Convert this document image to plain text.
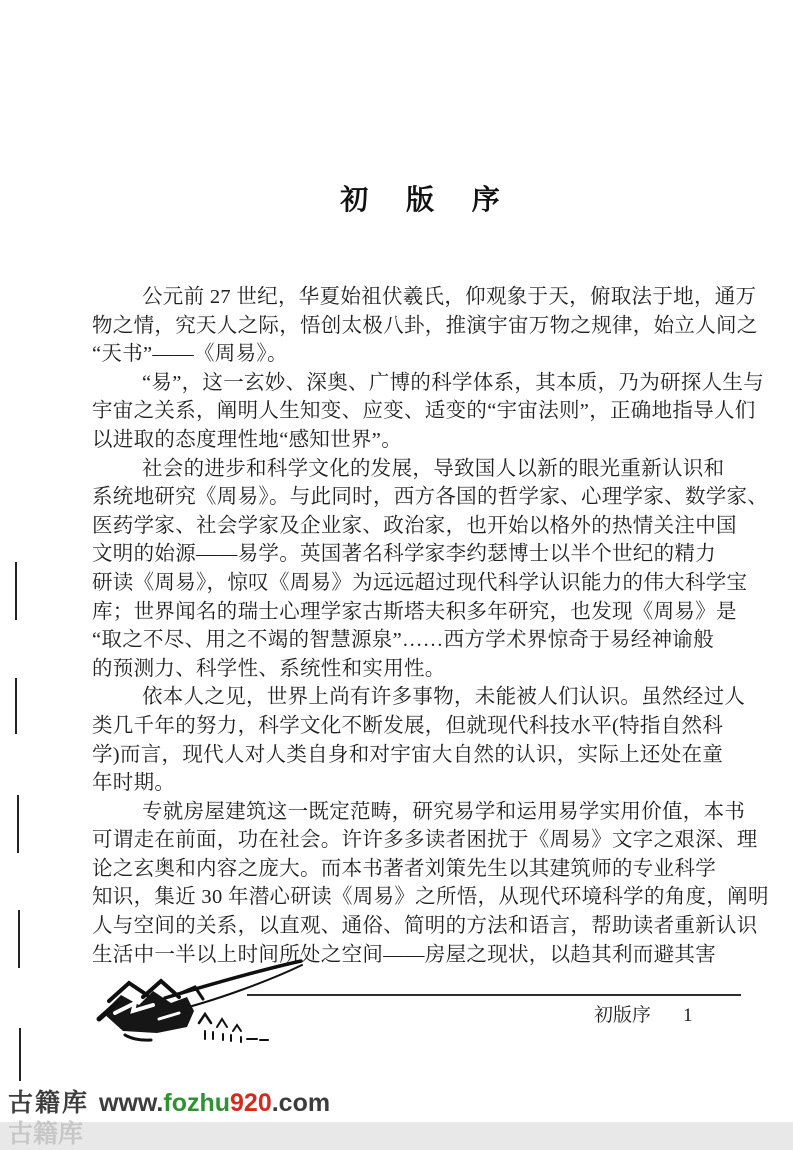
初版序
公元前 27 世纪，华夏始祖伏羲氏，仰观象于天，俯取法于地，通万
物之情，究天人之际，悟创太极八卦，推演宇宙万物之规律，始立人间之
“天书”——《周易》。
“易”，这一玄妙、深奥、广博的科学体系，其本质，乃为研探人生与
宇宙之关系，阐明人生知变、应变、适变的“宇宙法则”，正确地指导人们
以进取的态度理性地“感知世界”。
社会的进步和科学文化的发展，导致国人以新的眼光重新认识和
系统地研究《周易》。与此同时，西方各国的哲学家、心理学家、数学家、
医药学家、社会学家及企业家、政治家，也开始以格外的热情关注中国
文明的始源——易学。英国著名科学家李约瑟博士以半个世纪的精力
研读《周易》，惊叹《周易》为远远超过现代科学认识能力的伟大科学宝
库；世界闻名的瑞士心理学家古斯塔夫积多年研究，也发现《周易》是
“取之不尽、用之不竭的智慧源泉”……西方学术界惊奇于易经神谕般
的预测力、科学性、系统性和实用性。
依本人之见，世界上尚有许多事物，未能被人们认识。虽然经过人
类几千年的努力，科学文化不断发展，但就现代科技水平(特指自然科
学)而言，现代人对人类自身和对宇宙大自然的认识，实际上还处在童
年时期。
专就房屋建筑这一既定范畴，研究易学和运用易学实用价值，本书
可谓走在前面，功在社会。许许多多读者困扰于《周易》文字之艰深、理
论之玄奥和内容之庞大。而本书著者刘策先生以其建筑师的专业科学
知识，集近 30 年潜心研读《周易》之所悟，从现代环境科学的角度，阐明
人与空间的关系，以直观、通俗、简明的方法和语言，帮助读者重新认识
生活中一半以上时间所处之空间——房屋之现状，以趋其利而避其害
初版序 1
古籍库 www.fozhu920.com
古籍库
